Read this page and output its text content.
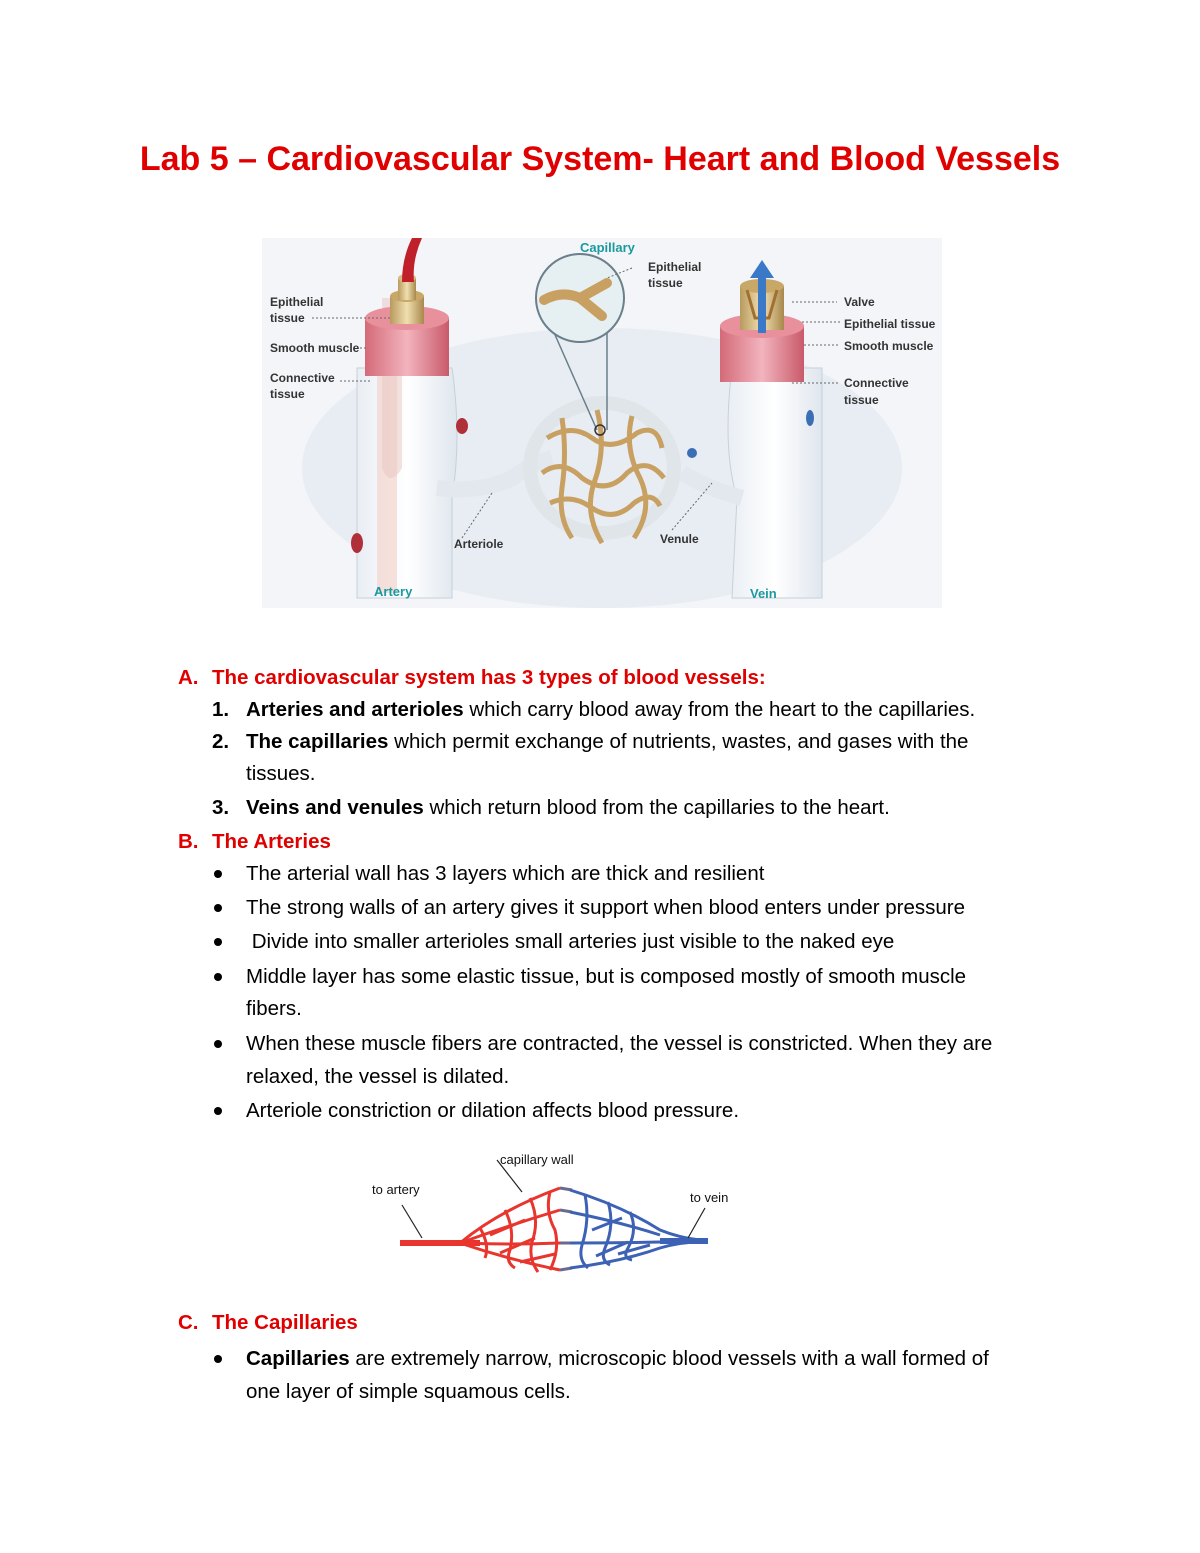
Lab 5 – Cardiovascular System- Heart and Blood Vessels
Capillary
Epithelial
tissue
Epithelial
tissue
Smooth muscle
Connective
tissue
Valve
Epithelial tissue
Smooth muscle
Connective
tissue
Arteriole	Venule
Artery	Vein
A. The cardiovascular system has 3 types of blood vessels:
1. Arteries and arterioles which carry blood away from the heart to the capillaries.
2. The capillaries which permit exchange of nutrients, wastes, and gases with the
tissues.
3. Veins and venules which return blood from the capillaries to the heart.
B. The Arteries
The arterial wall has 3 layers which are thick and resilient
The strong walls of an artery gives it support when blood enters under pressure
Divide into smaller arterioles small arteries just visible to the naked eye
Middle layer has some elastic tissue, but is composed mostly of smooth muscle
fibers.
When these muscle fibers are contracted, the vessel is constricted. When they are
relaxed, the vessel is dilated.
Arteriole constriction or dilation affects blood pressure.
capillary wall
to artery
to vein
C. The Capillaries
Capillaries are extremely narrow, microscopic blood vessels with a wall formed of
one layer of simple squamous cells.
